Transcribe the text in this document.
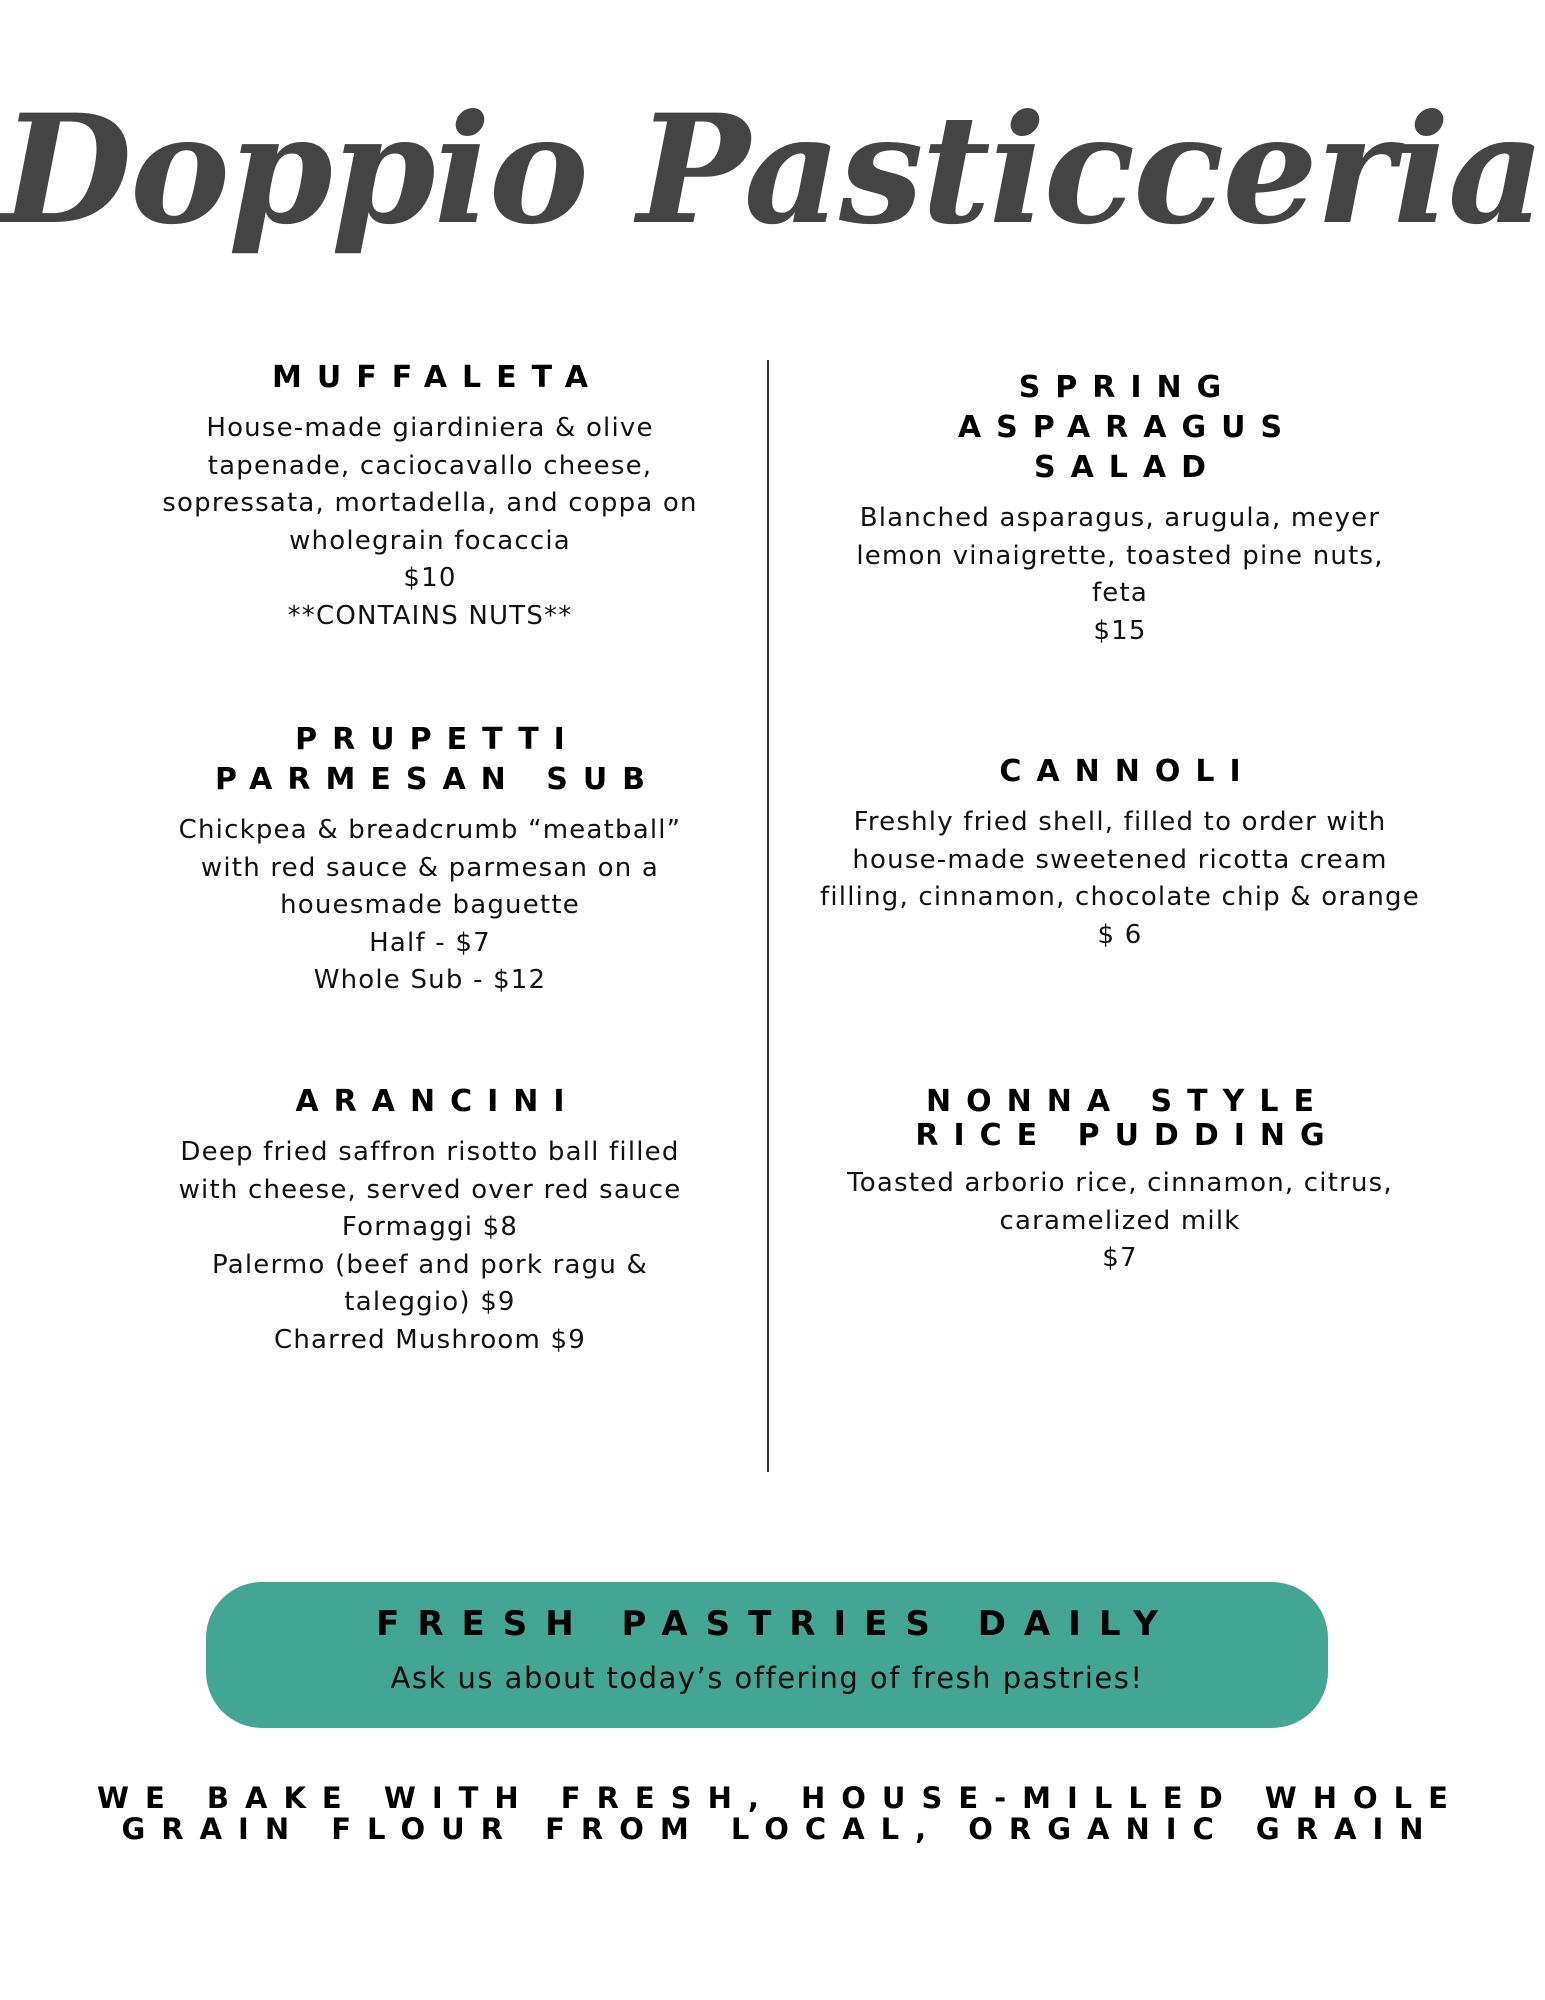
Doppio Pasticceria
MUFFALETA
House-made giardiniera & olive
tapenade, caciocavallo cheese,
sopressata, mortadella, and coppa on
wholegrain focaccia
$10
**CONTAINS NUTS**
PRUPETTI
PARMESAN SUB
Chickpea & breadcrumb “meatball”
with red sauce & parmesan on a
houesmade baguette
Half - $7
Whole Sub - $12
ARANCINI
Deep fried saffron risotto ball filled
with cheese, served over red sauce
Formaggi $8
Palermo (beef and pork ragu &
taleggio) $9
Charred Mushroom $9
SPRING
ASPARAGUS
SALAD
Blanched asparagus, arugula, meyer
lemon vinaigrette, toasted pine nuts,
feta
$15
CANNOLI
Freshly fried shell, filled to order with
house-made sweetened ricotta cream
filling, cinnamon, chocolate chip & orange
$ 6
NONNA STYLE
RICE PUDDING
Toasted arborio rice, cinnamon, citrus,
caramelized milk
$7
FRESH PASTRIES DAILY
Ask us about today’s offering of fresh pastries!
WE BAKE WITH FRESH, HOUSE-MILLED WHOLE
GRAIN FLOUR FROM LOCAL, ORGANIC GRAIN
